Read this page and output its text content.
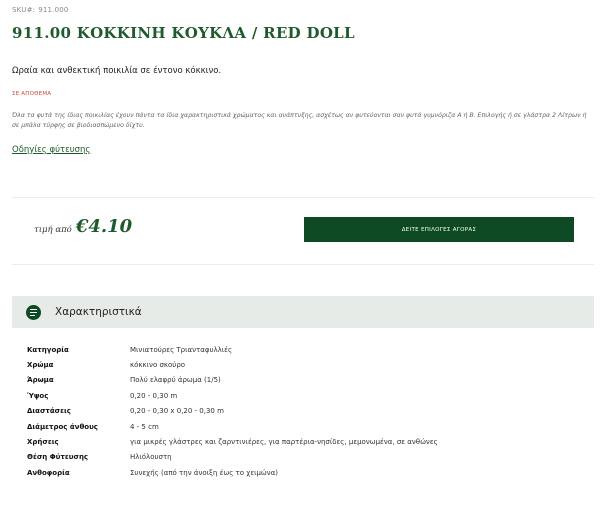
SKU#: 911.000
911.00 ΚΟΚΚΙΝΗ ΚΟΥΚΛΑ / RED DOLL

Ωραία και ανθεκτική ποικιλία σε έντονο κόκκινο.

ΣΕ ΑΠΟΘΕΜΑ

Όλα τα φυτά της ίδιας ποικιλίας έχουν πάντα τα ίδια χαρακτηριστικά χρώματος και ανάπτυξης, ασχέτως αν φυτεύονται σαν φυτά γυμνόριζα Α ή Β. Επιλογής ή σε γλάστρα 2 Λίτρων ή σε μπάλα τύρφης σε βιοδιασπώμενο δίχτυ.

Οδηγίες φύτευσης
τιμή από €4.10	ΔΕΙΤΕ ΕΠΙΛΟΓΕΣ ΑΓΟΡΑΣ
Χαρακτηριστικά
Κατηγορία	Μινιατούρες Τριανταφυλλιές
Χρώμα	κόκκινο σκούρο
Άρωμα	Πολύ ελαφρύ άρωμα (1/5)
Ύψος	0,20 - 0,30 m
Διαστάσεις	0,20 - 0,30 x 0,20 - 0,30 m
Διάμετρος άνθους	4 - 5 cm
Χρήσεις	για μικρές γλάστρες και ζαρντινιέρες, για παρτέρια-νησίδες, μεμονωμένα, σε ανθώνες
Θέση Φύτευσης	Ηλιόλουστη
Ανθοφορία	Συνεχής (από την άνοιξη έως το χειμώνα)
